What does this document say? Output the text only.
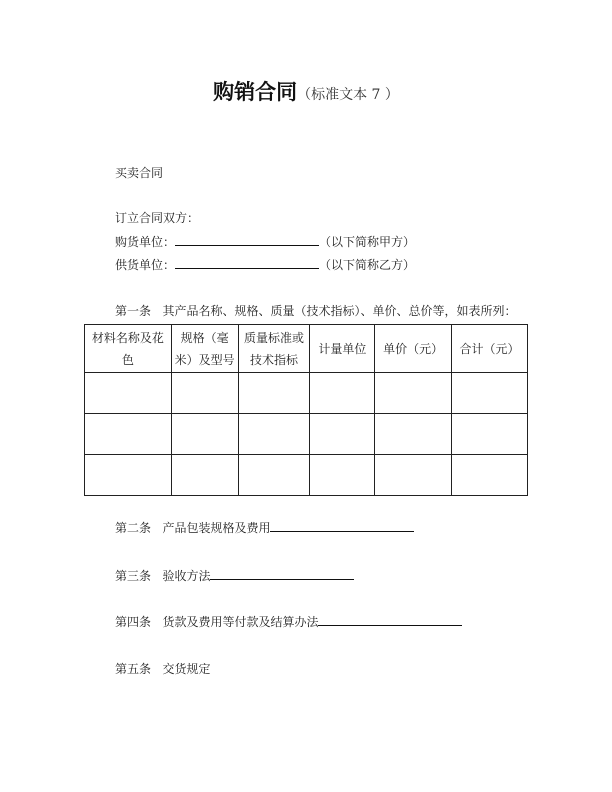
购销合同（标准文本 7 ）
买卖合同
订立合同双方：
购货单位：	（以下简称甲方）
供货单位：	（以下简称乙方）
第一条 其产品名称、规格、质量（技术指标）、单价、总价等，如表所列：
材料名称及花
色	规格（毫
米）及型号	质量标准或
技术指标	计量单位	单价（元）	合计（元）

第二条 产品包装规格及费用
第三条 验收方法
第四条 货款及费用等付款及结算办法
第五条 交货规定
